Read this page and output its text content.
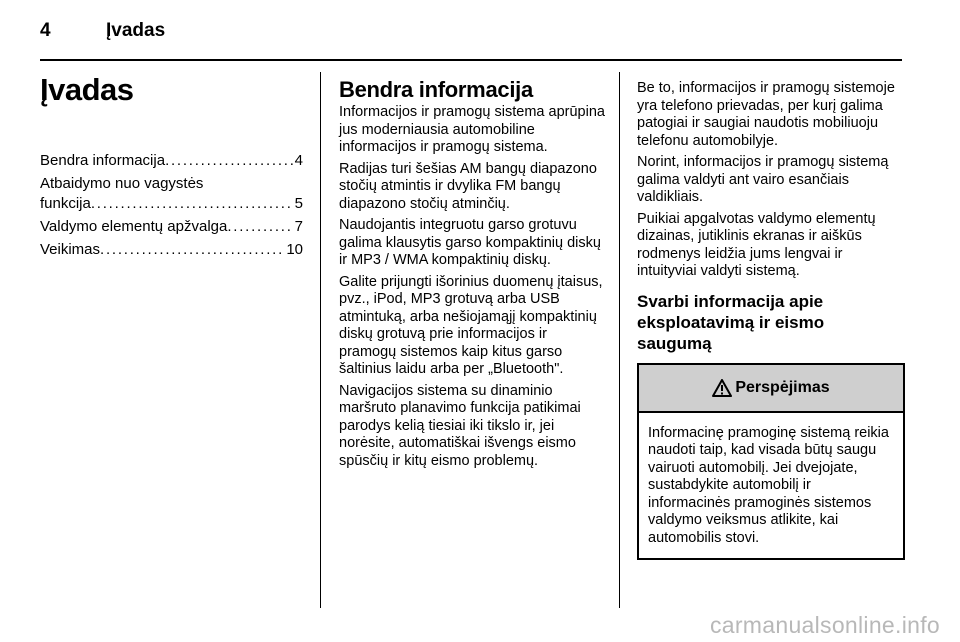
4	Įvadas
Įvadas
Bendra informacija . . .	4
Atbaidymo nuo vagystės
funkcija . . .	5
Valdymo elementų apžvalga . . .	7
Veikimas . . .	10
Bendra informacija

Informacijos ir pramogų sistema aprūpina jus moderniausia automobiline informacijos ir pramogų sistema.

Radijas turi šešias AM bangų diapazono stočių atmintis ir dvylika FM bangų diapazono stočių atminčių.

Naudojantis integruotu garso grotuvu galima klausytis garso kompaktinių diskų ir MP3 / WMA kompaktinių diskų.

Galite prijungti išorinius duomenų įtaisus, pvz., iPod, MP3 grotuvą arba USB atmintuką, arba nešiojamąjį kompaktinių diskų grotuvą prie informacijos ir pramogų sistemos kaip kitus garso šaltinius laidu arba per „Bluetooth".

Navigacijos sistema su dinaminio maršruto planavimo funkcija patikimai parodys kelią tiesiai iki tikslo ir, jei norėsite, automatiškai išvengs eismo spūsčių ir kitų eismo problemų.

Be to, informacijos ir pramogų sistemoje yra telefono prievadas, per kurį galima patogiai ir saugiai naudotis mobiliuoju telefonu automobilyje.

Norint, informacijos ir pramogų sistemą galima valdyti ant vairo esančiais valdikliais.

Puikiai apgalvotas valdymo elementų dizainas, jutiklinis ekranas ir aiškūs rodmenys leidžia jums lengvai ir intuityviai valdyti sistemą.

Svarbi informacija apie eksploatavimą ir eismo saugumą
Perspėjimas

Informacinę pramoginę sistemą reikia naudoti taip, kad visada būtų saugu vairuoti automobilį. Jei dvejojate, sustabdykite automobilį ir informacinės pramoginės sistemos valdymo veiksmus atlikite, kai automobilis stovi.

carmanualsonline.info
